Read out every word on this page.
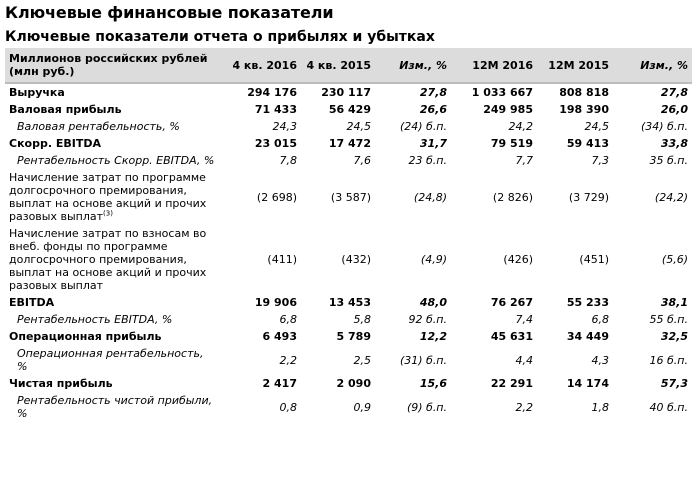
Ключевые финансовые показатели
Ключевые показатели отчета о прибылях и убытках
Миллионов российских рублей (млн руб.)	4 кв. 2016	4 кв. 2015	Изм., %	12M 2016	12M 2015	Изм., %
Выручка	294 176	230 117	27,8	1 033 667	808 818	27,8
Валовая прибыль	71 433	56 429	26,6	249 985	198 390	26,0
Валовая рентабельность, %	24,3	24,5	(24) б.п.	24,2	24,5	(34) б.п.
Скорр. EBITDA	23 015	17 472	31,7	79 519	59 413	33,8
Рентабельность Скорр. EBITDA, %	7,8	7,6	23 б.п.	7,7	7,3	35 б.п.
Начисление затрат по программе долгосрочного премирования, выплат на основе акций и прочих разовых выплат$^{(3)}$	(2 698)	(3 587)	(24,8)	(2 826)	(3 729)	(24,2)
Начисление затрат по взносам во внеб. фонды по программе долгосрочного премирования, выплат на основе акций и прочих разовых выплат	(411)	(432)	(4,9)	(426)	(451)	(5,6)
EBITDA	19 906	13 453	48,0	76 267	55 233	38,1
Рентабельность EBITDA, %	6,8	5,8	92 б.п.	7,4	6,8	55 б.п.
Операционная прибыль	6 493	5 789	12,2	45 631	34 449	32,5
Операционная рентабельность, %	2,2	2,5	(31) б.п.	4,4	4,3	16 б.п.
Чистая прибыль	2 417	2 090	15,6	22 291	14 174	57,3
Рентабельность чистой прибыли, %	0,8	0,9	(9) б.п.	2,2	1,8	40 б.п.
